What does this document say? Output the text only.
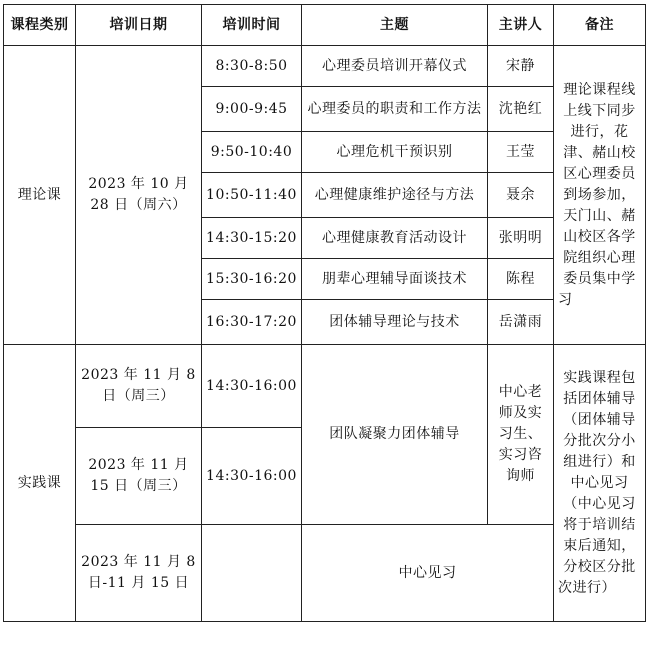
课程类别	培训日期	培训时间	主题	主讲人	备注
理论课	2023 年 10 月 28 日（周六）	8:30-8:50	心理委员培训开幕仪式	宋静	理论课程线上线下同步进行，花津、赭山校区心理委员到场参加，天门山、赭山校区各学院组织心理委员集中学习
		9:00-9:45	心理委员的职责和工作方法	沈艳红	
		9:50-10:40	心理危机干预识别	王莹	
		10:50-11:40	心理健康维护途径与方法	聂余	
		14:30-15:20	心理健康教育活动设计	张明明	
		15:30-16:20	朋辈心理辅导面谈技术	陈程	
		16:30-17:20	团体辅导理论与技术	岳潇雨	
实践课	2023 年 11 月 8 日（周三）	14:30-16:00	团队凝聚力团体辅导	中心老师及实习生、实习咨询师	实践课程包括团体辅导（团体辅导分批次分小组进行）和中心见习（中心见习将于培训结束后通知，分校区分批次进行）
	2023 年 11 月 15 日（周三）	14:30-16:00			
	2023 年 11 月 8 日-11 月 15 日		中心见习		
